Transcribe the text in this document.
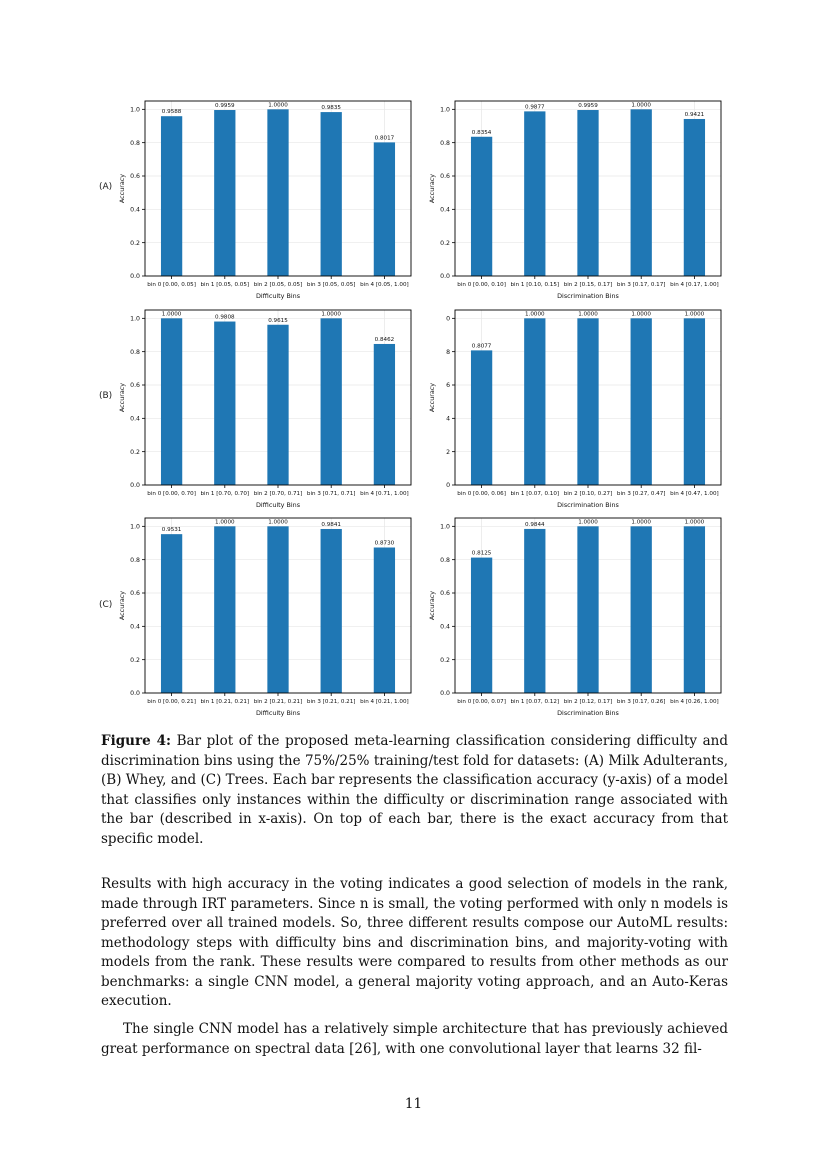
(A)
(B)
(C)
0.0
0.2
0.4
0.6
0.8
1.0	0.9588
bin 0 [0.00, 0.05]
0.9959
bin 1 [0.05, 0.05]
1.0000
bin 2 [0.05, 0.05]
0.9835
bin 3 [0.05, 0.05]
0.8017
bin 4 [0.05, 1.00]
Difficulty Bins
Accuracy
0.0
0.2
0.4
0.6
0.8
1.0
0.8354
bin 0 [0.00, 0.10]
0.9877
bin 1 [0.10, 0.15]
0.9959
bin 2 [0.15, 0.17]
1.0000
bin 3 [0.17, 0.17]
0.9421
bin 4 [0.17, 1.00]
Discrimination Bins
Accuracy
0.0
0.2
0.4
0.6
0.8
1.0
1.0000
bin 0 [0.00, 0.70]
0.9808
bin 1 [0.70, 0.70]
0.9615
bin 2 [0.70, 0.71]
1.0000
bin 3 [0.71, 0.71]
0.8462
bin 4 [0.71, 1.00]
Difficulty Bins
Accuracy
0
2
4
6
8
0
0.8077
bin 0 [0.00, 0.06]
1.0000
bin 1 [0.07, 0.10]
1.0000
bin 2 [0.10, 0.27]
1.0000
bin 3 [0.27, 0.47]
1.0000
bin 4 [0.47, 1.00]
Discrimination Bins
Accuracy
0.0
0.2
0.4
0.6
0.8
1.0	0.9531
bin 0 [0.00, 0.21]
1.0000
bin 1 [0.21, 0.21]
1.0000
bin 2 [0.21, 0.21]
0.9841
bin 3 [0.21, 0.21]
0.8730
bin 4 [0.21, 1.00]
Difficulty Bins
Accuracy
0.0
0.2
0.4
0.6
0.8
1.0
0.8125
bin 0 [0.00, 0.07]
0.9844
bin 1 [0.07, 0.12]
1.0000
bin 2 [0.12, 0.17]
1.0000
bin 3 [0.17, 0.26]
1.0000
bin 4 [0.26, 1.00]
Discrimination Bins
Accuracy
Figure 4: Bar plot of the proposed meta-learning classification considering difficulty and discrimination bins using the 75%/25% training/test fold for datasets: (A) Milk Adulterants, (B) Whey, and (C) Trees. Each bar represents the classification accuracy (y-axis) of a model that classifies only instances within the difficulty or discrimination range associated with the bar (described in x-axis). On top of each bar, there is the exact accuracy from that specific model.

Results with high accuracy in the voting indicates a good selection of models in the rank, made through IRT parameters. Since n is small, the voting performed with only n models is preferred over all trained models. So, three different results compose our AutoML results: methodology steps with difficulty bins and discrimination bins, and majority-voting with models from the rank. These results were compared to results from other methods as our benchmarks: a single CNN model, a general majority voting approach, and an Auto-Keras execution.

The single CNN model has a relatively simple architecture that has previously achieved great performance on spectral data [26], with one convolutional layer that learns 32 fil-

11
